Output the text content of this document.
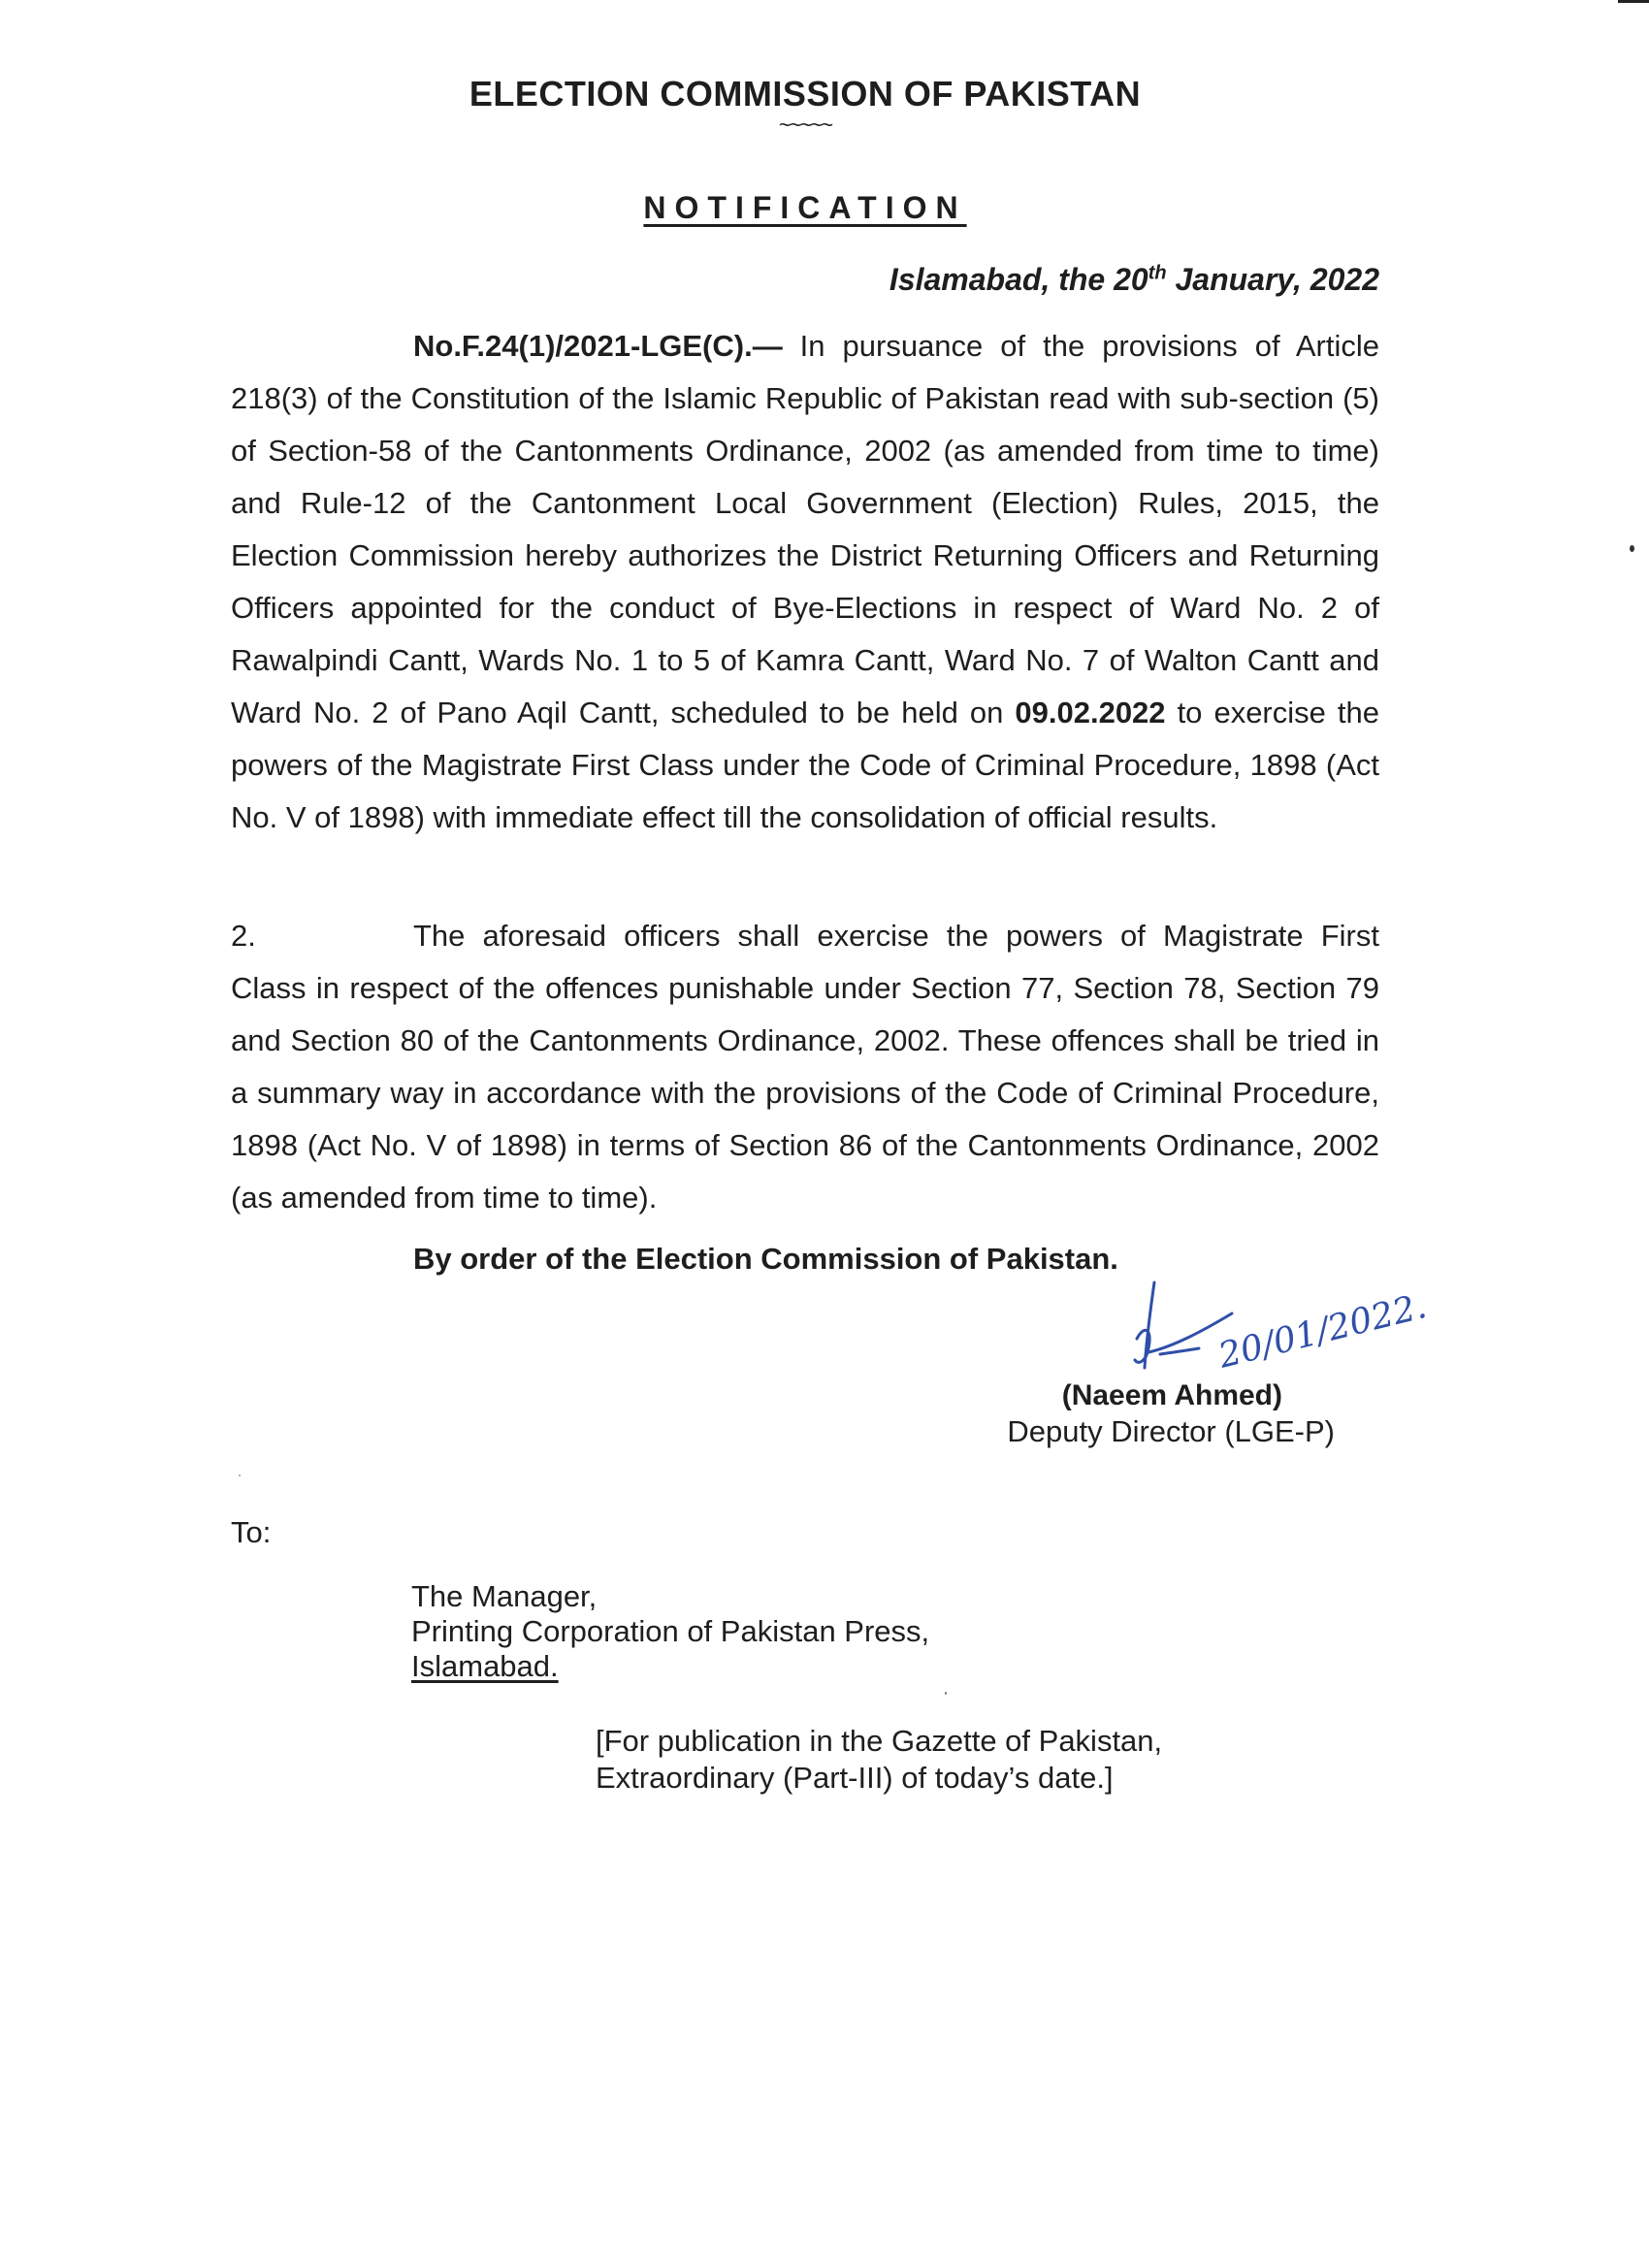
ELECTION COMMISSION OF PAKISTAN
~~~~~
NOTIFICATION
Islamabad, the 20th January, 2022
No.F.24(1)/2021-LGE(C).— In pursuance of the provisions of Article 218(3) of the Constitution of the Islamic Republic of Pakistan read with sub-section (5) of Section-58 of the Cantonments Ordinance, 2002 (as amended from time to time) and Rule-12 of the Cantonment Local Government (Election) Rules, 2015, the Election Commission hereby authorizes the District Returning Officers and Returning Officers appointed for the conduct of Bye-Elections in respect of Ward No. 2 of Rawalpindi Cantt, Wards No. 1 to 5 of Kamra Cantt, Ward No. 7 of Walton Cantt and Ward No. 2 of Pano Aqil Cantt, scheduled to be held on 09.02.2022 to exercise the powers of the Magistrate First Class under the Code of Criminal Procedure, 1898 (Act No. V of 1898) with immediate effect till the consolidation of official results.
2.	The aforesaid officers shall exercise the powers of Magistrate First Class in respect of the offences punishable under Section 77, Section 78, Section 79 and Section 80 of the Cantonments Ordinance, 2002. These offences shall be tried in a summary way in accordance with the provisions of the Code of Criminal Procedure, 1898 (Act No. V of 1898) in terms of Section 86 of the Cantonments Ordinance, 2002 (as amended from time to time).
By order of the Election Commission of Pakistan.
20/01/2022.
(Naeem Ahmed)
Deputy Director (LGE-P)
To:
The Manager,
Printing Corporation of Pakistan Press,
Islamabad.
[For publication in the Gazette of Pakistan,
Extraordinary (Part-III) of today’s date.]
